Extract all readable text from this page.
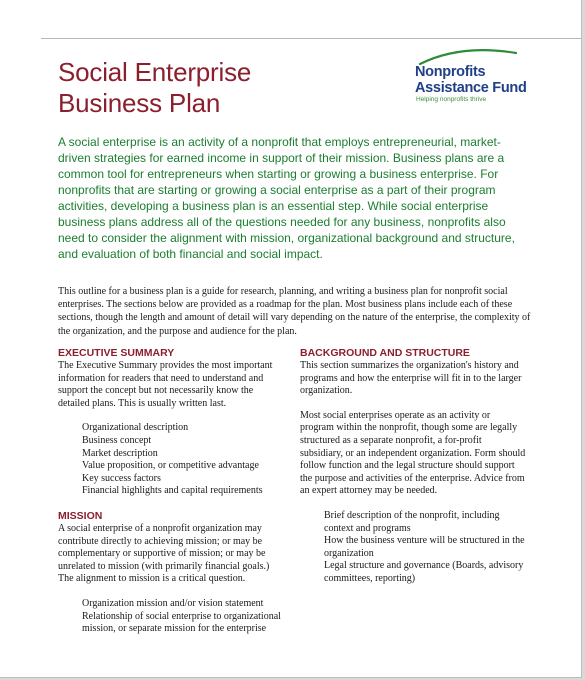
Social Enterprise
Business Plan
Nonprofits
Assistance Fund
Helping nonprofits thrive

A social enterprise is an activity of a nonprofit that employs entrepreneurial, market-driven strategies for earned income in support of their mission. Business plans are a common tool for entrepreneurs when starting or growing a business enterprise. For nonprofits that are starting or growing a social enterprise as a part of their program activities, developing a business plan is an essential step. While social enterprise business plans address all of the questions needed for any business, nonprofits also need to consider the alignment with mission, organizational background and structure, and evaluation of both financial and social impact.

This outline for a business plan is a guide for research, planning, and writing a business plan for nonprofit social enterprises. The sections below are provided as a roadmap for the plan. Most business plans include each of these sections, though the length and amount of detail will vary depending on the nature of the enterprise, the complexity of the organization, and the purpose and audience for the plan.

EXECUTIVE SUMMARY

The Executive Summary provides the most important information for readers that need to understand and support the concept but not necessarily know the detailed plans. This is usually written last.

Organizational description
Business concept
Market description
Value proposition, or competitive advantage
Key success factors
Financial highlights and capital requirements
MISSION

A social enterprise of a nonprofit organization may contribute directly to achieving mission; or may be complementary or supportive of mission; or may be unrelated to mission (with primarily financial goals.) The alignment to mission is a critical question.

Organization mission and/or vision statement
Relationship of social enterprise to organizational mission, or separate mission for the enterprise
BACKGROUND AND STRUCTURE

This section summarizes the organization's history and programs and how the enterprise will fit in to the larger organization.

Most social enterprises operate as an activity or program within the nonprofit, though some are legally structured as a separate nonprofit, a for-profit subsidiary, or an independent organization. Form should follow function and the legal structure should support the purpose and activities of the enterprise. Advice from an expert attorney may be needed.

Brief description of the nonprofit, including context and programs
How the business venture will be structured in the organization
Legal structure and governance (Boards, advisory committees, reporting)
